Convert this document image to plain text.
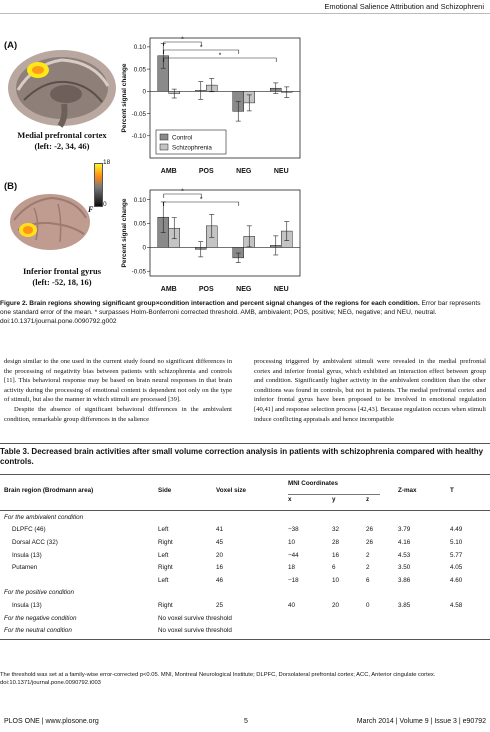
Emotional Salience Attribution and Schizophreni
(A)
Medial prefrontal cortex
(left: -2, 34, 46)
18
0
F
(B)
Inferior frontal gyrus
(left: -52, 18, 16)
0.10
0.05
0
-0.05
-0.10
Percent signal change
AMB	POS	NEG	NEU
*
*
*
Control
Schizophrenia
0.10
0.05
0
-0.05
Percent signal change
AMB	POS	NEG	NEU
*
*
Figure 2. Brain regions showing significant group×condition interaction and percent signal changes of the regions for each condition. Error bar represents one standard error of the mean. * surpasses Holm-Bonferroni corrected threshold. AMB, ambivalent; POS, positive; NEG, negative; and NEU, neutral.
doi:10.1371/journal.pone.0090792.g002

design similar to the one used in the current study found no significant differences in the processing of negativity bias between patients with schizophrenia and controls [11]. This behavioral response may be based on brain neural responses in that brain activity during the processing of emotional content is dependent not only on the type of stimuli, but also the manner in which stimuli are processed [39].

Despite the absence of significant behavioral differences in the ambivalent condition, remarkable group differences in the salience

processing triggered by ambivalent stimuli were revealed in the medial prefrontal cortex and inferior frontal gyrus, which exhibited an interaction effect between group and condition. Significantly higher activity in the ambivalent condition than the other conditions was found in controls, but not in patients. The medial prefrontal cortex and inferior frontal gyrus have been proposed to be involved in emotional regulation [40,41] and response selection process [42,43]. Because regulation occurs when stimuli induce conflicting appraisals and hence incompatible

Table 3. Decreased brain activities after small volume correction analysis in patients with schizophrenia compared with healthy controls.
Brain region (Brodmann area)	Side	Voxel size
MNI Coordinates
x	y	z
Z-max	T
For the ambivalent condition							
DLPFC (46)	Left	41	−38	32	26	3.79	4.49
Dorsal ACC (32)	Right	45	10	28	26	4.16	5.10
Insula (13)	Left	20	−44	16	2	4.53	5.77
Putamen	Right	16	18	6	2	3.50	4.05
	Left	46	−18	10	6	3.86	4.60
For the positive condition							
Insula (13)	Right	25	40	20	0	3.85	4.58
For the negative condition	No voxel survive threshold						
For the neutral condition	No voxel survive threshold						
The threshold was set at a family-wise error-corrected p<0.05. MNI, Montreal Neurological Institute; DLPFC, Dorsolateral prefrontal cortex; ACC, Anterior cingulate cortex.
doi:10.1371/journal.pone.0090792.t003
PLOS ONE | www.plosone.org	5	March 2014 | Volume 9 | Issue 3 | e90792
